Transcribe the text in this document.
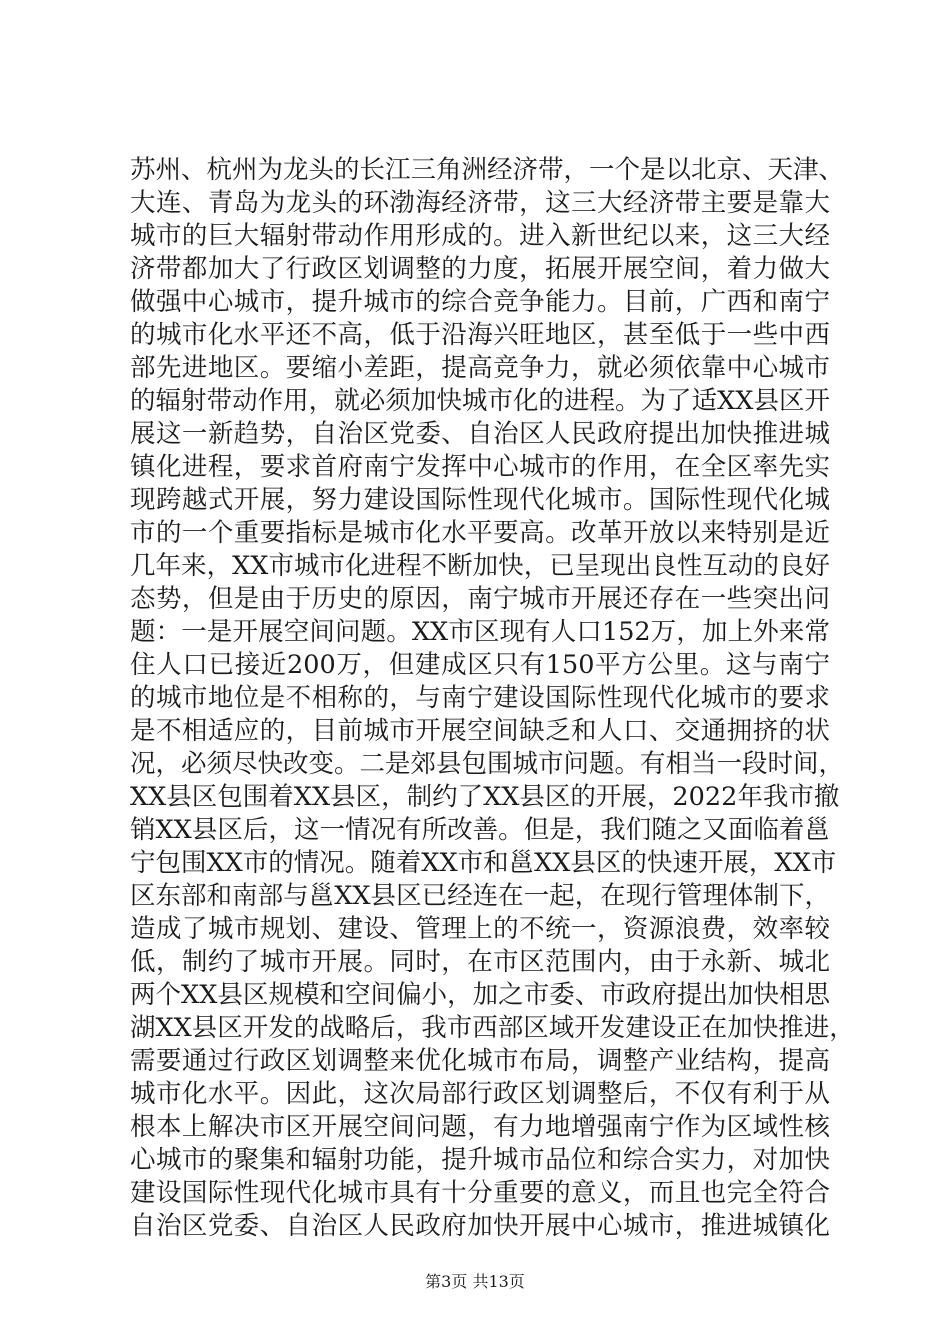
苏州、杭州为龙头的长江三角洲经济带，一个是以北京、天津、
大连、青岛为龙头的环渤海经济带，这三大经济带主要是靠大
城市的巨大辐射带动作用形成的。进入新世纪以来，这三大经
济带都加大了行政区划调整的力度，拓展开展空间，着力做大
做强中心城市，提升城市的综合竞争能力。目前，广西和南宁
的城市化水平还不高，低于沿海兴旺地区，甚至低于一些中西
部先进地区。要缩小差距，提高竞争力，就必须依靠中心城市
的辐射带动作用，就必须加快城市化的进程。为了适XX县区开
展这一新趋势，自治区党委、自治区人民政府提出加快推进城
镇化进程，要求首府南宁发挥中心城市的作用，在全区率先实
现跨越式开展，努力建设国际性现代化城市。国际性现代化城
市的一个重要指标是城市化水平要高。改革开放以来特别是近
几年来，XX市城市化进程不断加快，已呈现出良性互动的良好
态势，但是由于历史的原因，南宁城市开展还存在一些突出问
题：一是开展空间问题。XX市区现有人口152万，加上外来常
住人口已接近200万，但建成区只有150平方公里。这与南宁
的城市地位是不相称的，与南宁建设国际性现代化城市的要求
是不相适应的，目前城市开展空间缺乏和人口、交通拥挤的状
况，必须尽快改变。二是郊县包围城市问题。有相当一段时间，
XX县区包围着XX县区，制约了XX县区的开展，2022年我市撤
销XX县区后，这一情况有所改善。但是，我们随之又面临着邕
宁包围XX市的情况。随着XX市和邕XX县区的快速开展，XX市
区东部和南部与邕XX县区已经连在一起，在现行管理体制下，
造成了城市规划、建设、管理上的不统一，资源浪费，效率较
低，制约了城市开展。同时，在市区范围内，由于永新、城北
两个XX县区规模和空间偏小，加之市委、市政府提出加快相思
湖XX县区开发的战略后，我市西部区域开发建设正在加快推进，
需要通过行政区划调整来优化城市布局，调整产业结构，提高
城市化水平。因此，这次局部行政区划调整后，不仅有利于从
根本上解决市区开展空间问题，有力地增强南宁作为区域性核
心城市的聚集和辐射功能，提升城市品位和综合实力，对加快
建设国际性现代化城市具有十分重要的意义，而且也完全符合
自治区党委、自治区人民政府加快开展中心城市，推进城镇化
第3页 共13页
